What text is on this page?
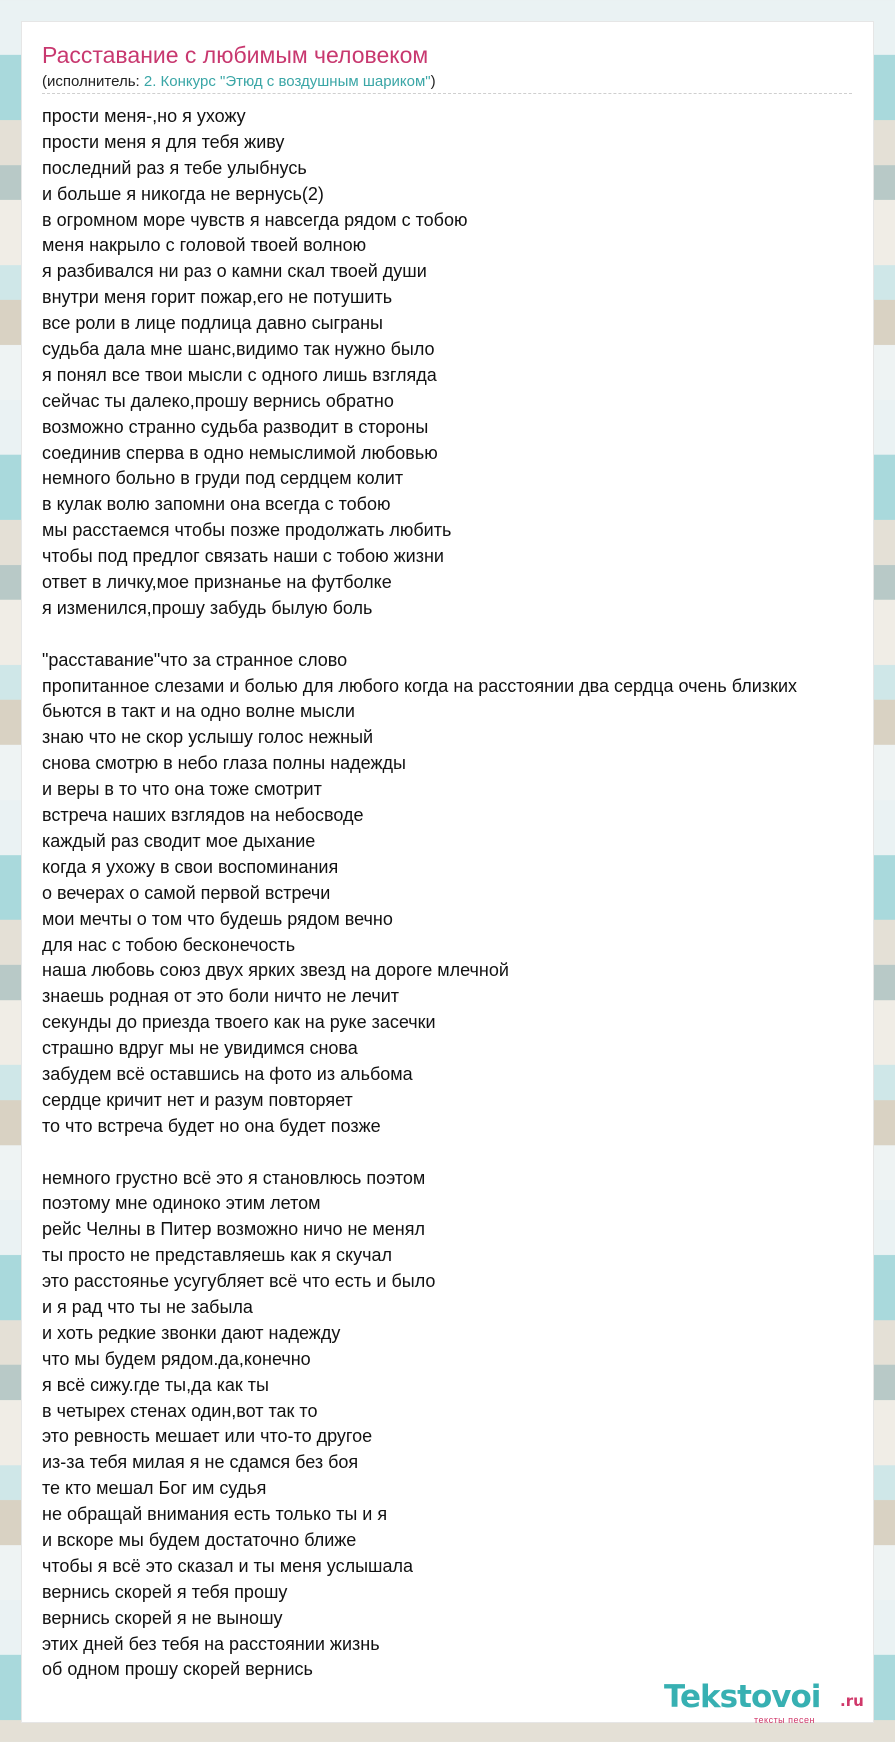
Расставание с любимым человеком
(исполнитель: 2. Конкурс "Этюд с воздушным шариком")
прости меня-,но я ухожу
прости меня я для тебя живу
последний раз я тебе улыбнусь
и больше я никогда не вернусь(2)
в огромном море чувств я навсегда рядом с тобою
меня накрыло с головой твоей волною
я разбивался ни раз о камни скал твоей души
внутри меня горит пожар,его не потушить
все роли в лице подлица давно сыграны
судьба дала мне шанс,видимо так нужно было
я понял все твои мысли с одного лишь взгляда
сейчас ты далеко,прошу вернись обратно
возможно странно судьба разводит в стороны
соединив сперва в одно немыслимой любовью
немного больно в груди под сердцем колит
в кулак волю запомни она всегда с тобою
мы расстаемся чтобы позже продолжать любить
чтобы под предлог связать наши с тобою жизни
ответ в личку,мое признанье на футболке
я изменился,прошу забудь былую боль
"расставание"что за странное слово
пропитанное слезами и болью для любого когда на расстоянии два сердца очень близких
бьются в такт и на одно волне мысли
знаю что не скор услышу голос нежный
снова смотрю в небо глаза полны надежды
и веры в то что она тоже смотрит
встреча наших взглядов на небосводе
каждый раз сводит мое дыхание
когда я ухожу в свои воспоминания
о вечерах о самой первой встречи
мои мечты о том что будешь рядом вечно
для нас с тобою бесконечость
наша любовь союз двух ярких звезд на дороге млечной
знаешь родная от это боли ничто не лечит
секунды до приезда твоего как на руке засечки
страшно вдруг мы не увидимся снова
забудем всё оставшись на фото из альбома
сердце кричит нет и разум повторяет
то что встреча будет но она будет позже
немного грустно всё это я становлюсь поэтом
поэтому мне одиноко этим летом
рейс Челны в Питер возможно ничо не менял
ты просто не представляешь как я скучал
это расстоянье усугубляет всё что есть и было
и я рад что ты не забыла
и хоть редкие звонки дают надежду
что мы будем рядом.да,конечно
я всё сижу.где ты,да как ты
в четырех стенах один,вот так то
это ревность мешает или что-то другое
из-за тебя милая я не сдамся без боя
те кто мешал Бог им судья
не обращай внимания есть только ты и я
и вскоре мы будем достаточно ближе
чтобы я всё это сказал и ты меня услышала
вернись скорей я тебя прошу
вернись скорей я не выношу
этих дней без тебя на расстоянии жизнь
об одном прошу скорей вернись
Tekstovoi .ru
тексты песен
